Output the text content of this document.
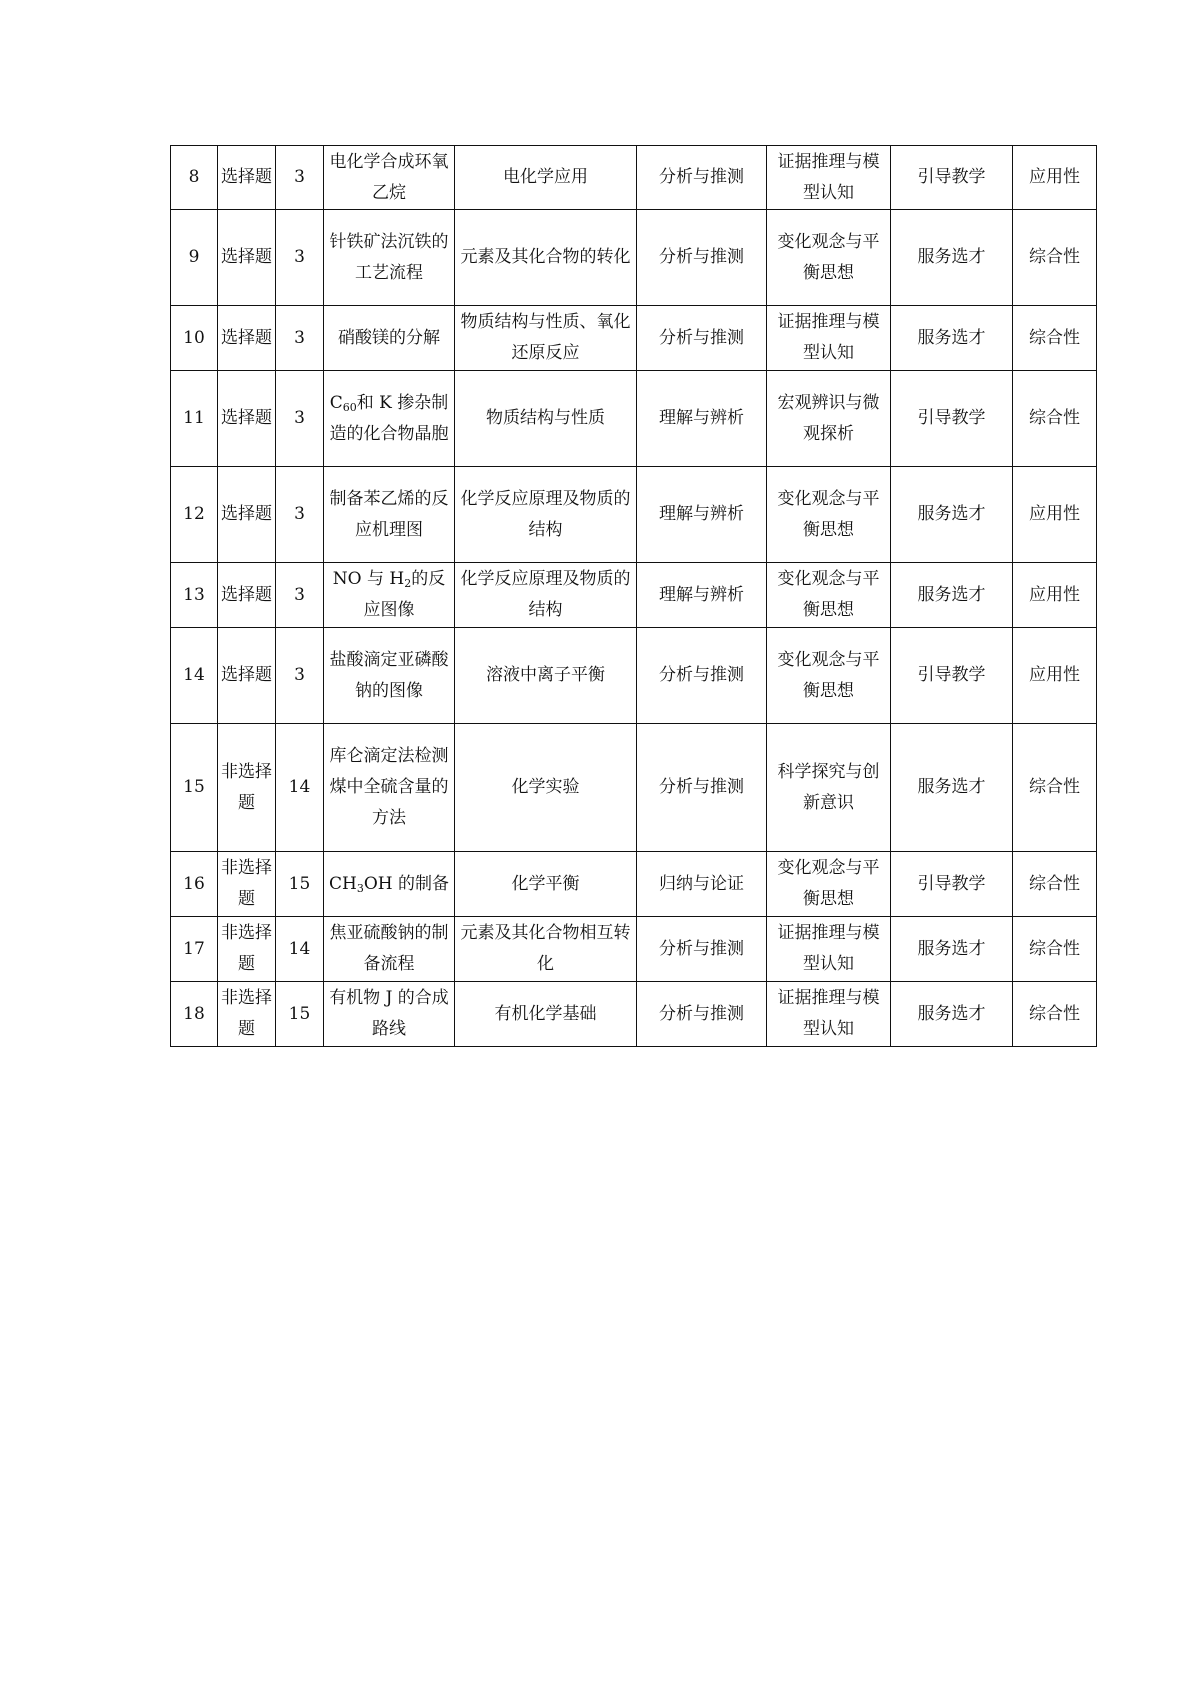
8	选择题	3	电化学合成环氧乙烷	电化学应用	分析与推测	证据推理与模型认知	引导教学	应用性
9	选择题	3	针铁矿法沉铁的工艺流程	元素及其化合物的转化	分析与推测	变化观念与平衡思想	服务选才	综合性
10	选择题	3	硝酸镁的分解	物质结构与性质、氧化还原反应	分析与推测	证据推理与模型认知	服务选才	综合性
11	选择题	3	$C_{60}$和 K 掺杂制造的化合物晶胞	物质结构与性质	理解与辨析	宏观辨识与微观探析	引导教学	综合性
12	选择题	3	制备苯乙烯的反应机理图	化学反应原理及物质的结构	理解与辨析	变化观念与平衡思想	服务选才	应用性
13	选择题	3	NO 与 $H_2$的反应图像	化学反应原理及物质的结构	理解与辨析	变化观念与平衡思想	服务选才	应用性
14	选择题	3	盐酸滴定亚磷酸钠的图像	溶液中离子平衡	分析与推测	变化观念与平衡思想	引导教学	应用性
15	非选择题	14	库仑滴定法检测煤中全硫含量的方法	化学实验	分析与推测	科学探究与创新意识	服务选才	综合性
16	非选择题	15	$CH_3OH$ 的制备	化学平衡	归纳与论证	变化观念与平衡思想	引导教学	综合性
17	非选择题	14	焦亚硫酸钠的制备流程	元素及其化合物相互转化	分析与推测	证据推理与模型认知	服务选才	综合性
18	非选择题	15	有机物 J 的合成路线	有机化学基础	分析与推测	证据推理与模型认知	服务选才	综合性
